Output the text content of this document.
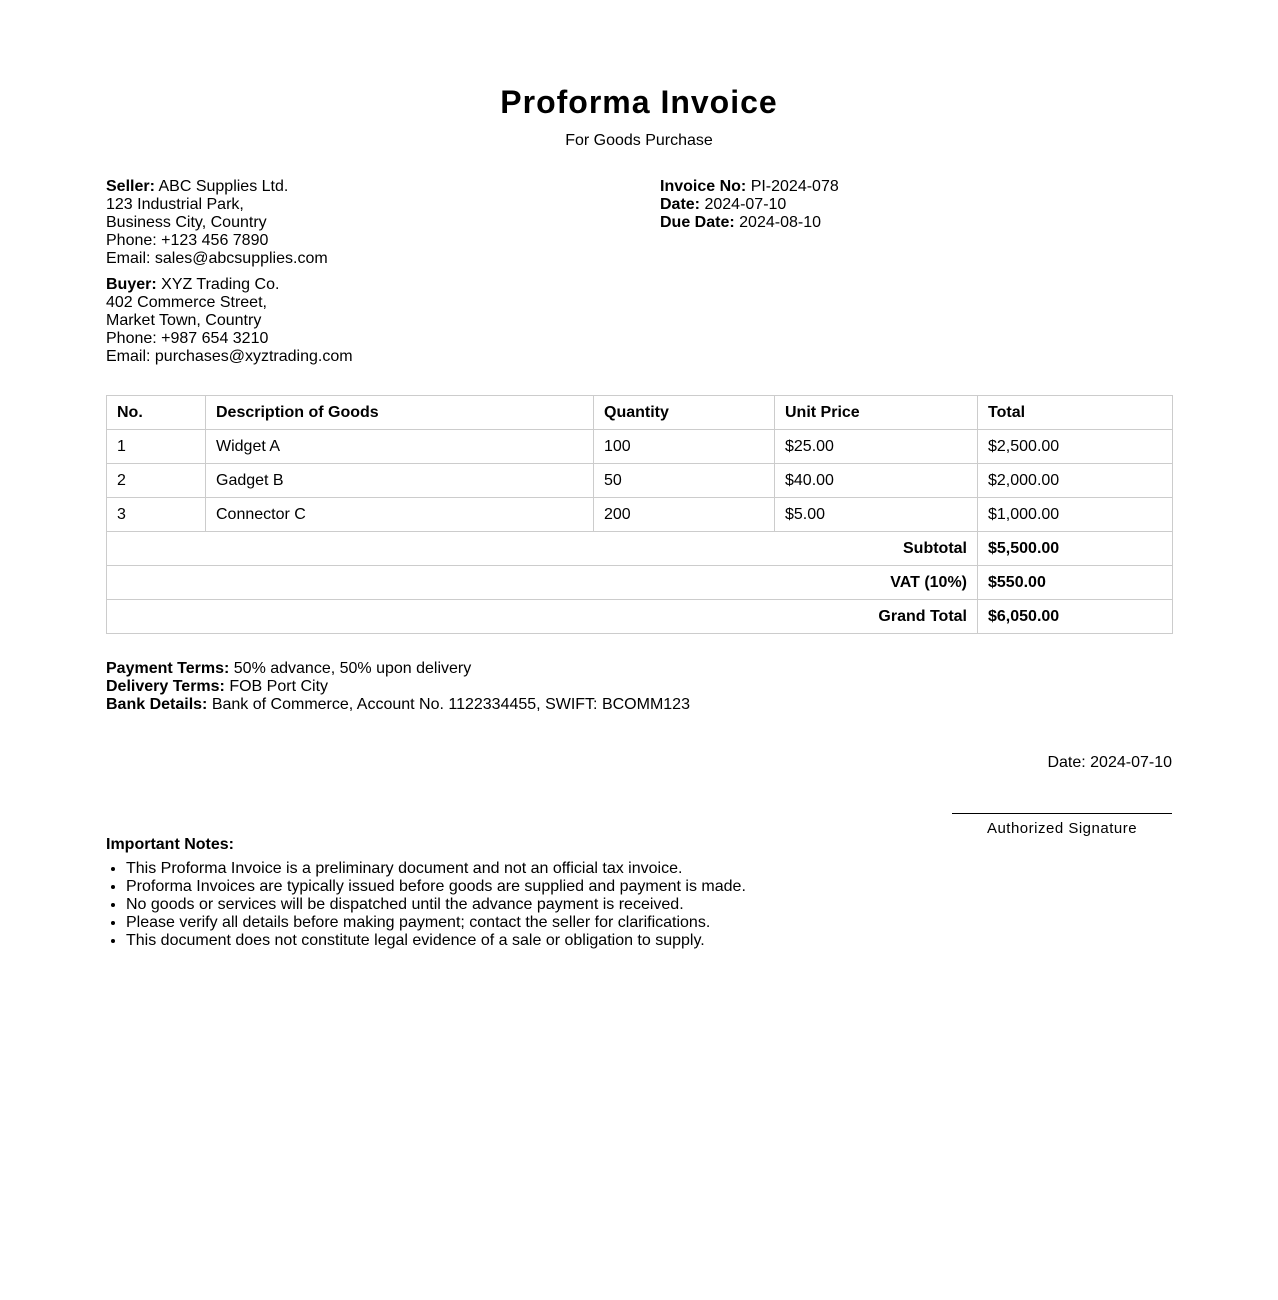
Proforma Invoice
For Goods Purchase
Seller: ABC Supplies Ltd.
123 Industrial Park,
Business City, Country
Phone: +123 456 7890
Email: sales@abcsupplies.com
Buyer: XYZ Trading Co.
402 Commerce Street,
Market Town, Country
Phone: +987 654 3210
Email: purchases@xyztrading.com
Invoice No: PI-2024-078
Date: 2024-07-10
Due Date: 2024-08-10
No.	Description of Goods	Quantity	Unit Price	Total
1	Widget A	100	$25.00	$2,500.00
2	Gadget B	50	$40.00	$2,000.00
3	Connector C	200	$5.00	$1,000.00
Subtotal				$5,500.00
VAT (10%)				$550.00
Grand Total				$6,050.00
Payment Terms: 50% advance, 50% upon delivery
Delivery Terms: FOB Port City
Bank Details: Bank of Commerce, Account No. 1122334455, SWIFT: BCOMM123
Date: 2024-07-10
Authorized Signature
Important Notes:
• This Proforma Invoice is a preliminary document and not an official tax invoice.
• Proforma Invoices are typically issued before goods are supplied and payment is made.
• No goods or services will be dispatched until the advance payment is received.
• Please verify all details before making payment; contact the seller for clarifications.
• This document does not constitute legal evidence of a sale or obligation to supply.
